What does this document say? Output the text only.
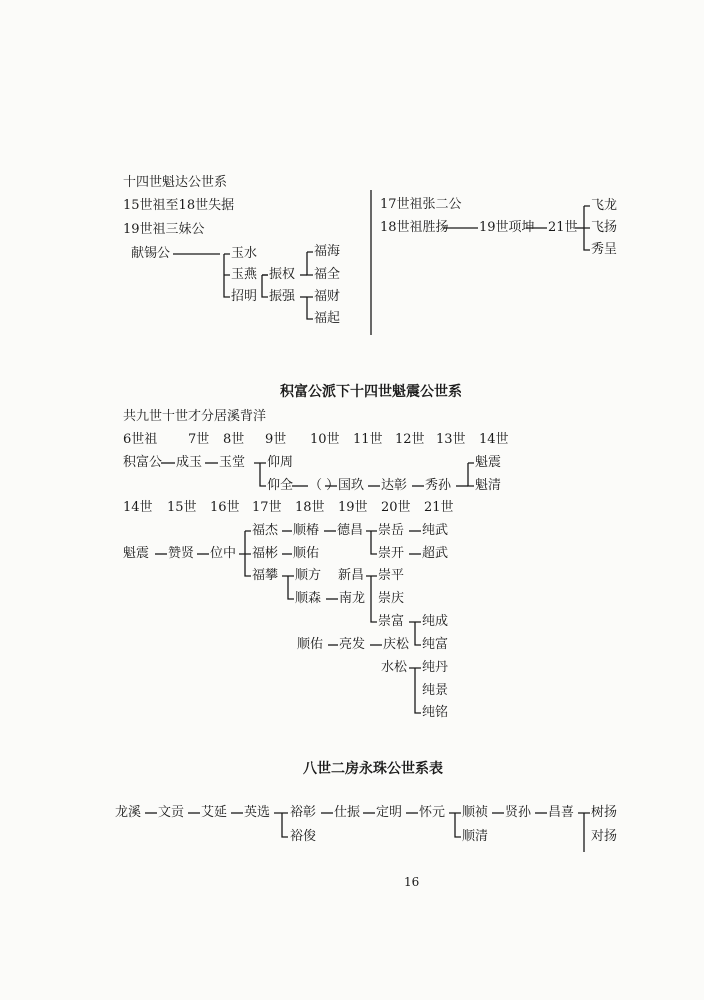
十四世魁达公世系
15世祖至18世失据
19世祖三妹公
献锡公	玉水
玉燕
招明
振权
振强
福海
福全
福财
福起
17世祖张二公
18世祖胜扬 19世项坤 21世
飞龙
飞扬
秀呈
积富公派下十四世魁震公世系
共九世十世才分居溪背洋
6世祖 7世 8世 9世 10世 11世 12世 13世 14世
积富公 成玉 玉堂 仰周
仰全 （ ）
国玖 达彰 秀孙
魁震
魁清
14世 15世 16世 17世 18世 19世 20世 21世
魁震 赞贤 位中
福杰
福彬
福攀
顺椿 德昌 崇岳
崇开
纯武
超武
顺佑
顺方
顺森
新昌
南龙
崇平
崇庆
崇富 纯成
纯富
顺佑 亮发 庆松
水松 纯丹
纯景
纯铭
八世二房永珠公世系表
龙溪 文贡 艾延 英选 裕彰
裕俊
仕振 定明 怀元 顺祯
顺清
贤孙 昌喜 树扬
对扬
16
